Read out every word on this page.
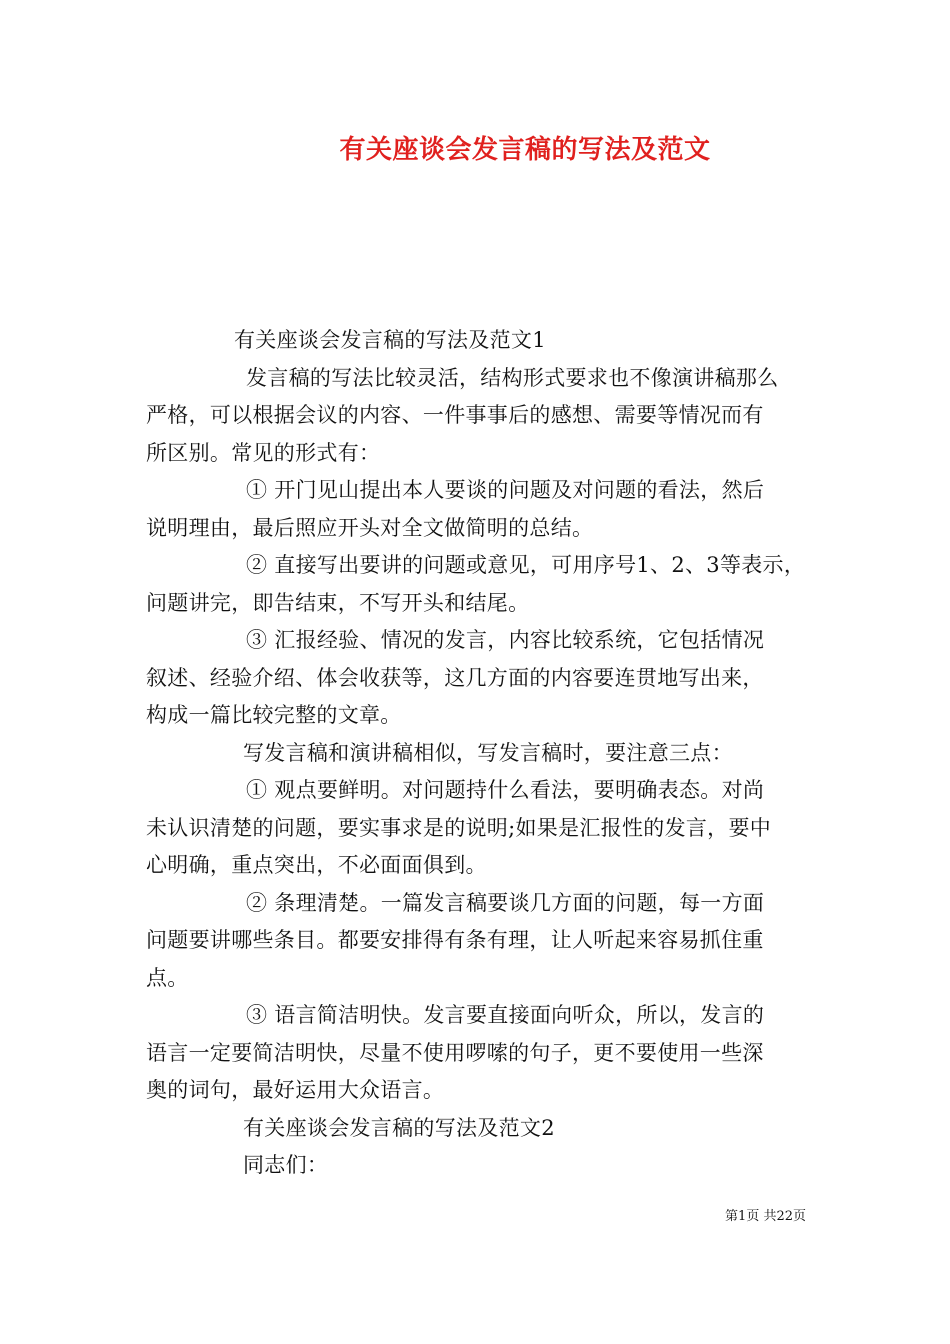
有关座谈会发言稿的写法及范文
有关座谈会发言稿的写法及范文1
发言稿的写法比较灵活，结构形式要求也不像演讲稿那么
严格，可以根据会议的内容、一件事事后的感想、需要等情况而有
所区别。常见的形式有：
① 开门见山提出本人要谈的问题及对问题的看法，然后
说明理由，最后照应开头对全文做简明的总结。
② 直接写出要讲的问题或意见，可用序号1、2、3等表示，
问题讲完，即告结束，不写开头和结尾。
③ 汇报经验、情况的发言，内容比较系统，它包括情况
叙述、经验介绍、体会收获等，这几方面的内容要连贯地写出来，
构成一篇比较完整的文章。
写发言稿和演讲稿相似，写发言稿时，要注意三点：
① 观点要鲜明。对问题持什么看法，要明确表态。对尚
未认识清楚的问题，要实事求是的说明;如果是汇报性的发言，要中
心明确，重点突出，不必面面俱到。
② 条理清楚。一篇发言稿要谈几方面的问题，每一方面
问题要讲哪些条目。都要安排得有条有理，让人听起来容易抓住重
点。
③ 语言简洁明快。发言要直接面向听众，所以，发言的
语言一定要简洁明快，尽量不使用啰嗦的句子，更不要使用一些深
奥的词句，最好运用大众语言。
有关座谈会发言稿的写法及范文2
同志们：
第1页 共22页
